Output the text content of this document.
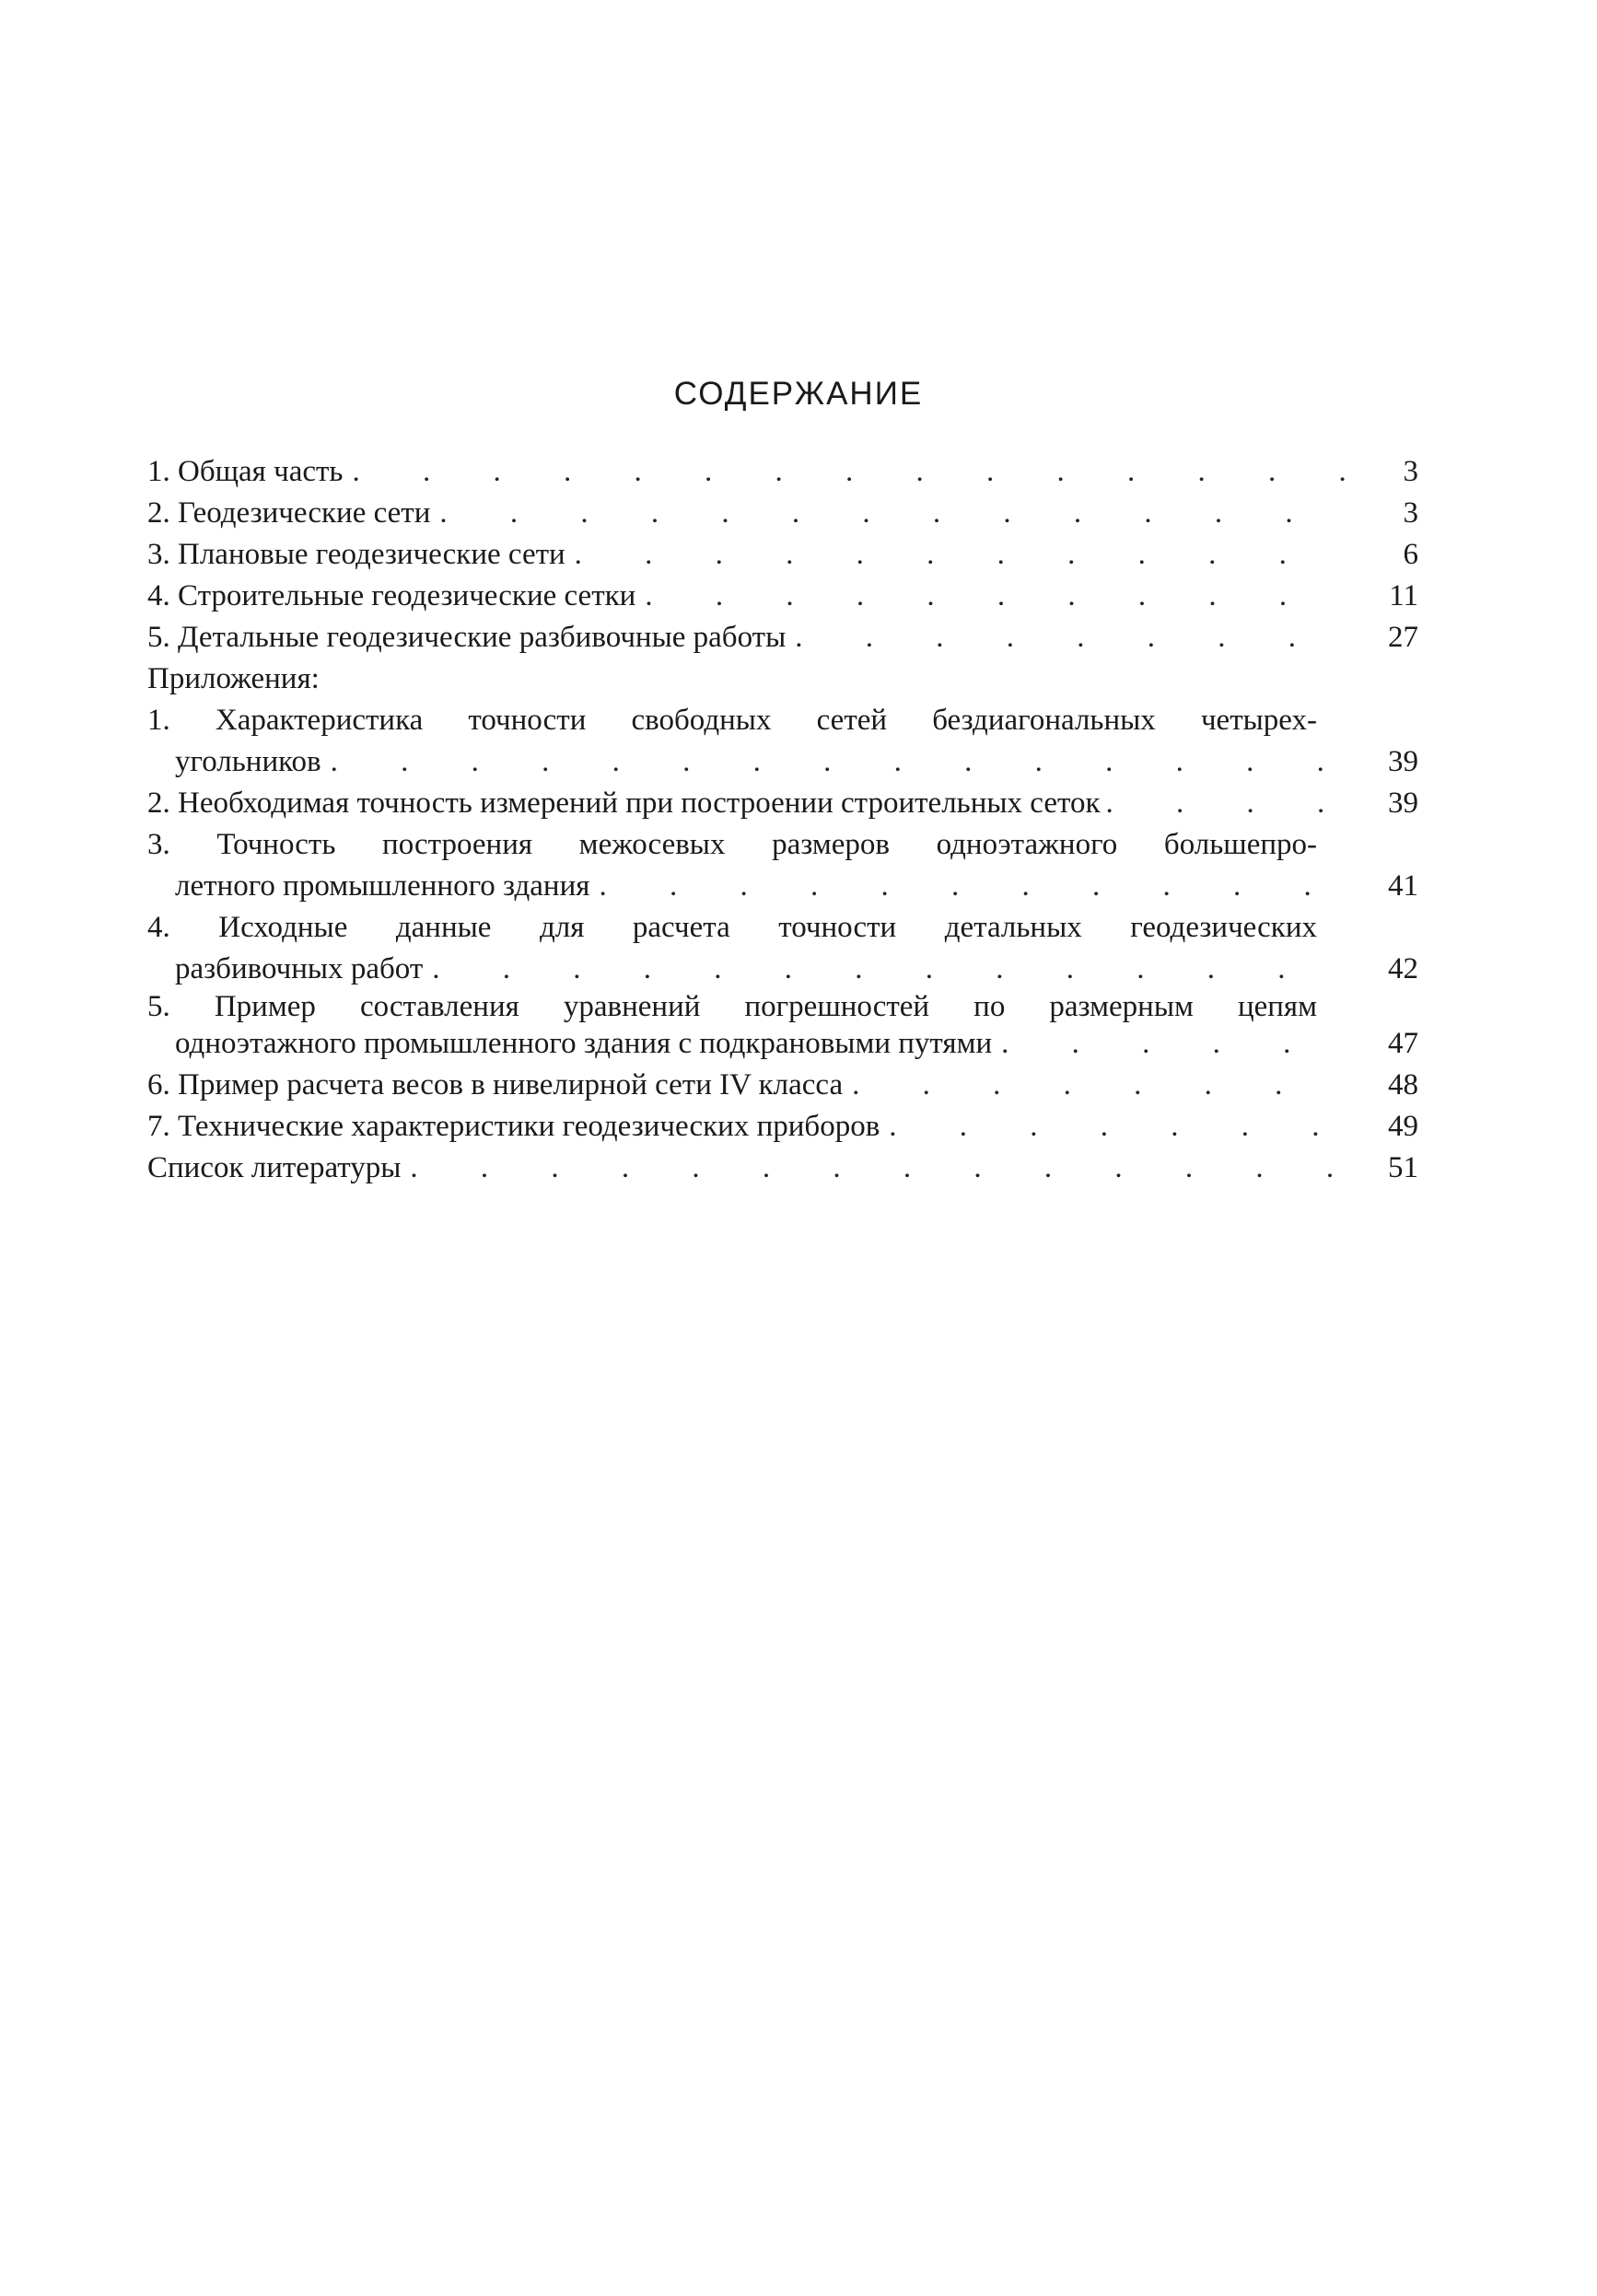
СОДЕРЖАНИЕ
1. Общая часть . . .	3
2. Геодезические сети . . .	3
3. Плановые геодезические сети . . .	6
4. Строительные геодезические сетки . . .	11
5. Детальные геодезические разбивочные работы . . .	27
Приложения:
1. Характеристика точности свободных сетей бездиагональных четырех-
угольников . . .	39
2. Необходимая точность измерений при построении строительных сеток . . .	39
3. Точность построения межосевых размеров одноэтажного большепро-
летного промышленного здания . . .	41
4. Исходные данные для расчета точности детальных геодезических
разбивочных работ . . .	42
5. Пример составления уравнений погрешностей по размерным цепям
одноэтажного промышленного здания с подкрановыми путями . . .	47
6. Пример расчета весов в нивелирной сети IV класса . . .	48
7. Технические характеристики геодезических приборов . . .	49
Список литературы . . .	51
